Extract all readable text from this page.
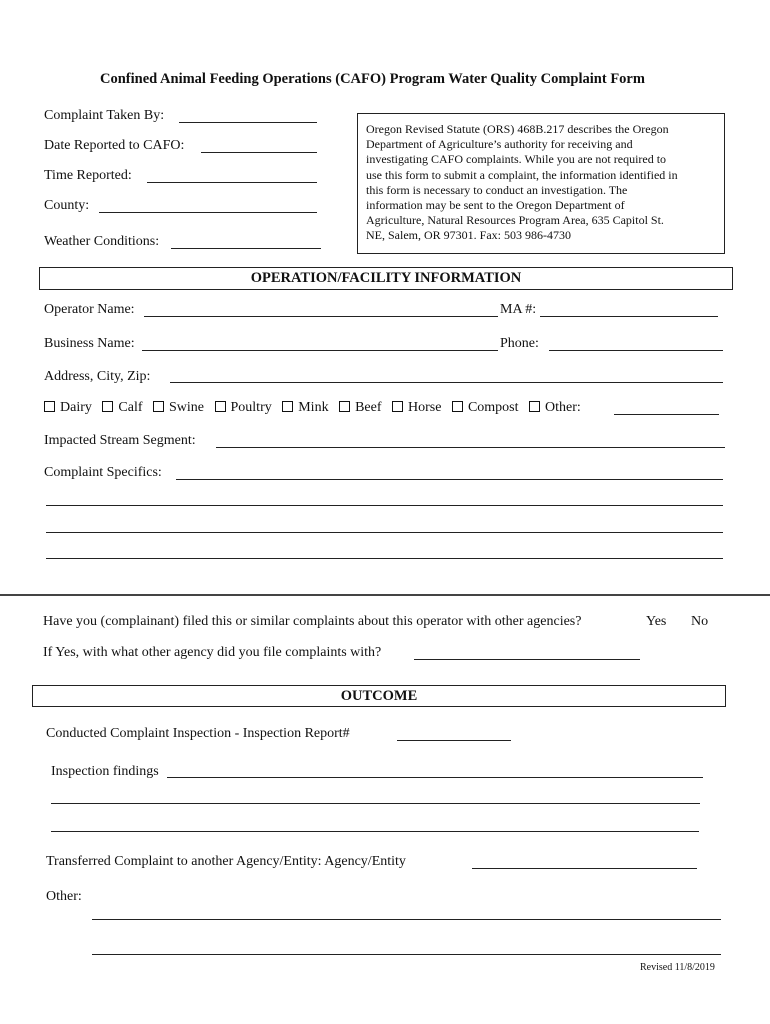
Confined Animal Feeding Operations (CAFO) Program Water Quality Complaint Form
Complaint Taken By:
Date Reported to CAFO:
Time Reported:
County:
Weather Conditions:
Oregon Revised Statute (ORS) 468B.217 describes the Oregon
Department of Agriculture’s authority for receiving and
investigating CAFO complaints. While you are not required to
use this form to submit a complaint, the information identified in
this form is necessary to conduct an investigation. The
information may be sent to the Oregon Department of
Agriculture, Natural Resources Program Area, 635 Capitol St.
NE, Salem, OR 97301. Fax: 503 986-4730
OPERATION/FACILITY INFORMATION
Operator Name:	MA #:
Business Name:	Phone:
Address, City, Zip:
Dairy Calf Swine Poultry Mink Beef Horse Compost Other:
Impacted Stream Segment:
Complaint Specifics:
Have you (complainant) filed this or similar complaints about this operator with other agencies?	Yes No
If Yes, with what other agency did you file complaints with?
OUTCOME
Conducted Complaint Inspection - Inspection Report#
Inspection findings
Transferred Complaint to another Agency/Entity: Agency/Entity
Other:
Revised 11/8/2019
